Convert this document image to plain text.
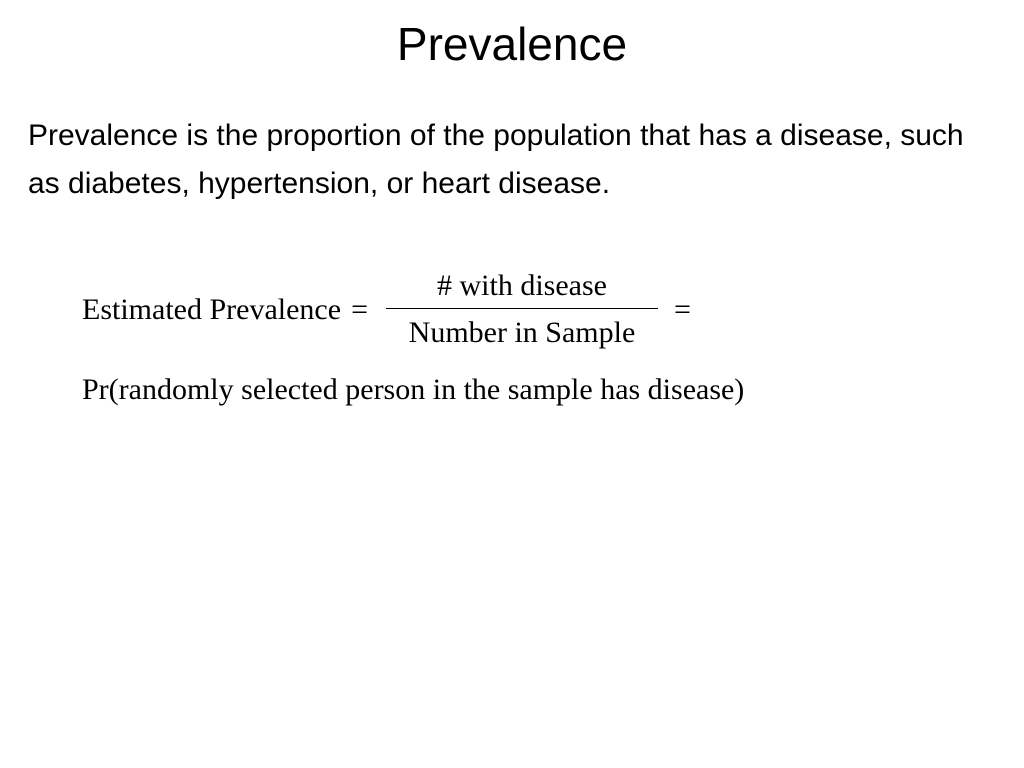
Prevalence

Prevalence is the proportion of the population that has a disease, such as diabetes, hypertension, or heart disease.

Estimated Prevalence = $\frac{\text{\# with disease}}{\text{Number in Sample}}$ =
Pr(randomly selected person in the sample has disease)
